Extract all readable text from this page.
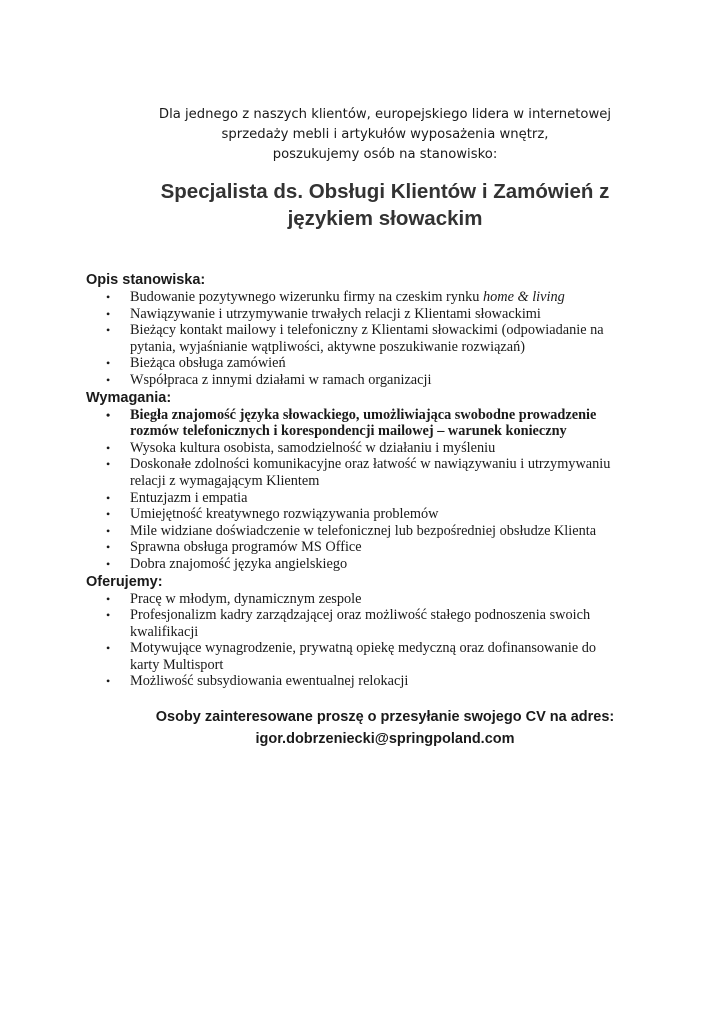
Dla jednego z naszych klientów, europejskiego lidera w internetowej
sprzedaży mebli i artykułów wyposażenia wnętrz,
poszukujemy osób na stanowisko:
Specjalista ds. Obsługi Klientów i Zamówień z
językiem słowackim
Opis stanowiska:
• Budowanie pozytywnego wizerunku firmy na czeskim rynku home & living
• Nawiązywanie i utrzymywanie trwałych relacji z Klientami słowackimi
• Bieżący kontakt mailowy i telefoniczny z Klientami słowackimi (odpowiadanie na
pytania, wyjaśnianie wątpliwości, aktywne poszukiwanie rozwiązań)
• Bieżąca obsługa zamówień
• Współpraca z innymi działami w ramach organizacji
Wymagania:
• Biegła znajomość języka słowackiego, umożliwiająca swobodne prowadzenie
rozmów telefonicznych i korespondencji mailowej – warunek konieczny
• Wysoka kultura osobista, samodzielność w działaniu i myśleniu
• Doskonałe zdolności komunikacyjne oraz łatwość w nawiązywaniu i utrzymywaniu
relacji z wymagającym Klientem
• Entuzjazm i empatia
• Umiejętność kreatywnego rozwiązywania problemów
• Mile widziane doświadczenie w telefonicznej lub bezpośredniej obsłudze Klienta
• Sprawna obsługa programów MS Office
• Dobra znajomość języka angielskiego
Oferujemy:
• Pracę w młodym, dynamicznym zespole
• Profesjonalizm kadry zarządzającej oraz możliwość stałego podnoszenia swoich
kwalifikacji
• Motywujące wynagrodzenie, prywatną opiekę medyczną oraz dofinansowanie do
karty Multisport
• Możliwość subsydiowania ewentualnej relokacji
Osoby zainteresowane proszę o przesyłanie swojego CV na adres:
igor.dobrzeniecki@springpoland.com
